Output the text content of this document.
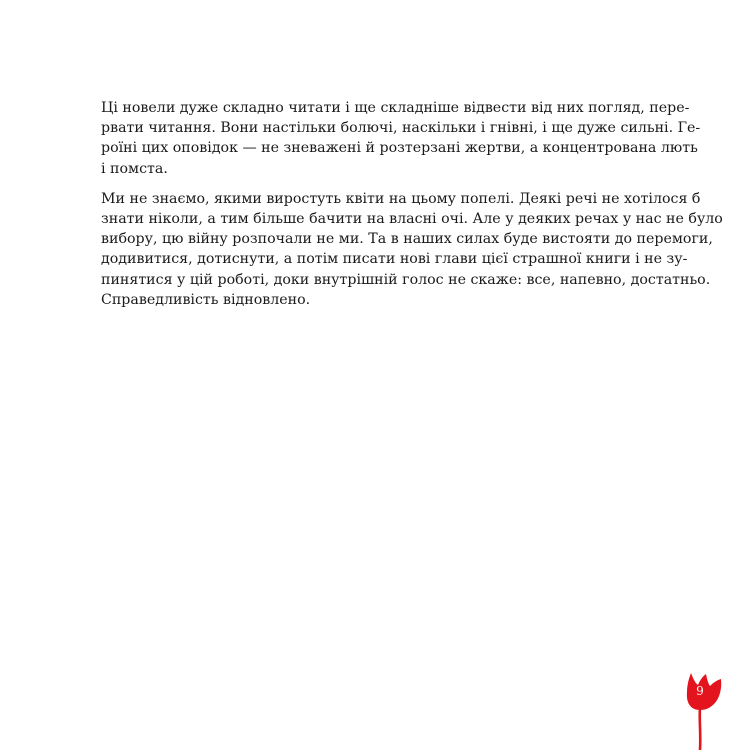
Ці новели дуже складно читати і ще складніше відвести від них погляд, пере-
рвати читання. Вони настільки болючі, наскільки і гнівні, і ще дуже сильні. Ге-
роїні цих оповідок — не зневажені й розтерзані жертви, а концентрована лють
і помста.

Ми не знаємо, якими виростуть квіти на цьому попелі. Деякі речі не хотілося б
знати ніколи, а тим більше бачити на власні очі. Але у деяких речах у нас не було
вибору, цю війну розпочали не ми. Та в наших силах буде вистояти до перемоги,
додивитися, дотиснути, а потім писати нові глави цієї страшної книги і не зу-
пинятися у цій роботі, доки внутрішній голос не скаже: все, напевно, достатньо.
Справедливість відновлено.

9
